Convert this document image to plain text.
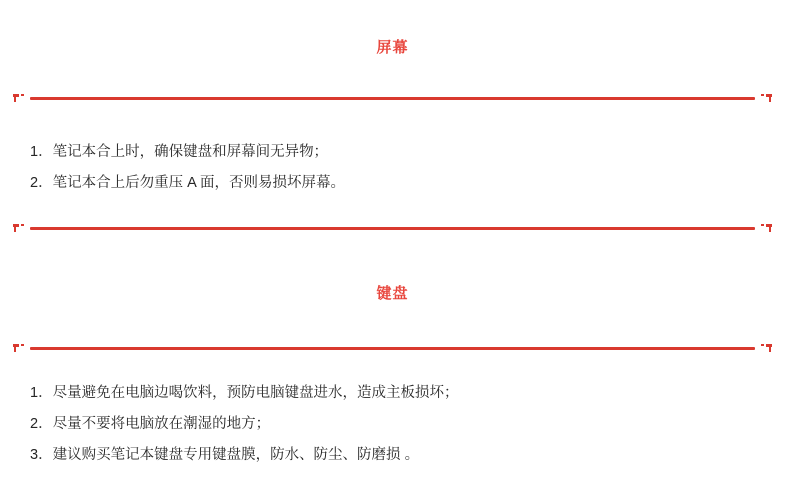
屏幕
1．笔记本合上时，确保键盘和屏幕间无异物；
2．笔记本合上后勿重压 A 面，否则易损坏屏幕。
键盘
1．尽量避免在电脑边喝饮料，预防电脑键盘进水，造成主板损坏；
2．尽量不要将电脑放在潮湿的地方；
3．建议购买笔记本键盘专用键盘膜，防水、防尘、防磨损 。
